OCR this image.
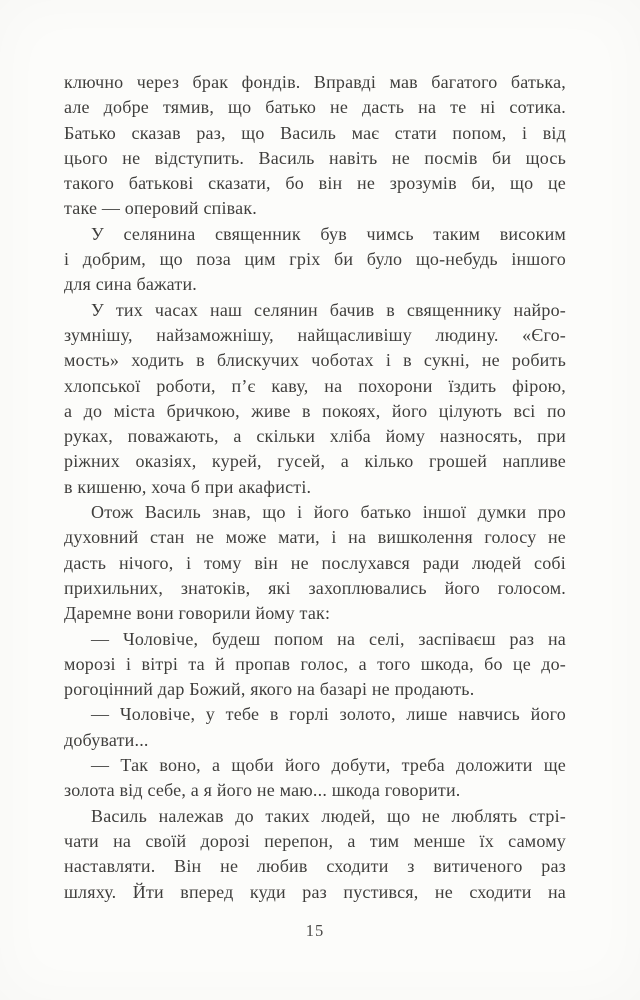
ключно через брак фондів. Вправді мав багатого батька,
але добре тямив, що батько не дасть на те ні сотика.
Батько сказав раз, що Василь має стати попом, і від
цього не відступить. Василь навіть не посмів би щось
такого батькові сказати, бо він не зрозумів би, що це
таке — оперовий співак.

У селянина священник був чимсь таким високим
і добрим, що поза цим гріх би було що-небудь іншого
для сина бажати.

У тих часах наш селянин бачив в священнику найро-
зумнішу, найзаможнішу, найщасливішу людину. «Єго-
мость» ходить в блискучих чоботах і в сукні, не робить
хлопської роботи, п’є каву, на похорони їздить фірою,
а до міста бричкою, живе в покоях, його цілують всі по
руках, поважають, а скільки хліба йому назносять, при
ріжних оказіях, курей, гусей, а кілько грошей напливе
в кишеню, хоча б при акафисті.

Отож Василь знав, що і його батько іншої думки про
духовний стан не може мати, і на вишколення голосу не
дасть нічого, і тому він не послухався ради людей собі
прихильних, знатоків, які захоплювались його голосом.
Даремне вони говорили йому так:

— Чоловіче, будеш попом на селі, заспіваєш раз на
морозі і вітрі та й пропав голос, а того шкода, бо це до-
рогоцінний дар Божий, якого на базарі не продають.

— Чоловіче, у тебе в горлі золото, лише навчись його
добувати...

— Так воно, а щоби його добути, треба доложити ще
золота від себе, а я його не маю... шкода говорити.

Василь належав до таких людей, що не люблять стрі-
чати на своїй дорозі перепон, а тим менше їх самому
наставляти. Він не любив сходити з витиченого раз
шляху. Йти вперед куди раз пустився, не сходити на

15
